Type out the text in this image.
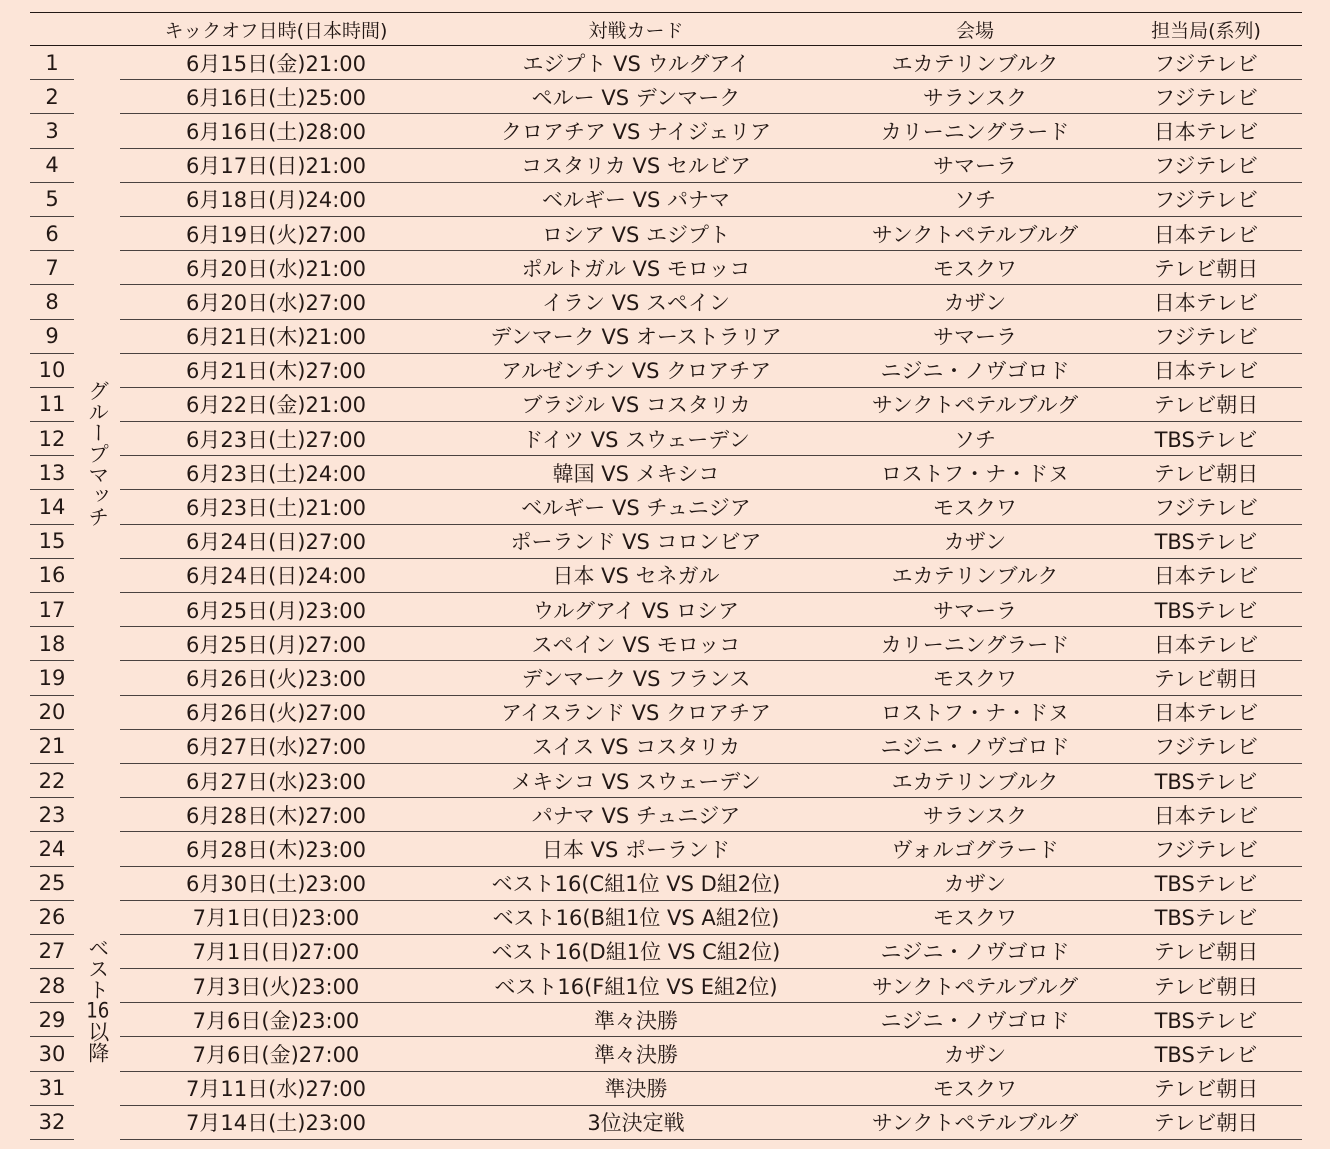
		キックオフ日時(日本時間)	対戦カード	会場	担当局(系列)
1	グループマッチ	6月15日(金)21:00	エジプト VS ウルグアイ	エカテリンブルク	フジテレビ
2		6月16日(土)25:00	ペルー VS デンマーク	サランスク	フジテレビ
3		6月16日(土)28:00	クロアチア VS ナイジェリア	カリーニングラード	日本テレビ
4		6月17日(日)21:00	コスタリカ VS セルビア	サマーラ	フジテレビ
5		6月18日(月)24:00	ベルギー VS パナマ	ソチ	フジテレビ
6		6月19日(火)27:00	ロシア VS エジプト	サンクトペテルブルグ	日本テレビ
7		6月20日(水)21:00	ポルトガル VS モロッコ	モスクワ	テレビ朝日
8		6月20日(水)27:00	イラン VS スペイン	カザン	日本テレビ
9		6月21日(木)21:00	デンマーク VS オーストラリア	サマーラ	フジテレビ
10		6月21日(木)27:00	アルゼンチン VS クロアチア	ニジニ・ノヴゴロド	日本テレビ
11		6月22日(金)21:00	ブラジル VS コスタリカ	サンクトペテルブルグ	テレビ朝日
12		6月23日(土)27:00	ドイツ VS スウェーデン	ソチ	TBSテレビ
13		6月23日(土)24:00	韓国 VS メキシコ	ロストフ・ナ・ドヌ	テレビ朝日
14		6月23日(土)21:00	ベルギー VS チュニジア	モスクワ	フジテレビ
15		6月24日(日)27:00	ポーランド VS コロンビア	カザン	TBSテレビ
16		6月24日(日)24:00	日本 VS セネガル	エカテリンブルク	日本テレビ
17		6月25日(月)23:00	ウルグアイ VS ロシア	サマーラ	TBSテレビ
18		6月25日(月)27:00	スペイン VS モロッコ	カリーニングラード	日本テレビ
19		6月26日(火)23:00	デンマーク VS フランス	モスクワ	テレビ朝日
20		6月26日(火)27:00	アイスランド VS クロアチア	ロストフ・ナ・ドヌ	日本テレビ
21		6月27日(水)27:00	スイス VS コスタリカ	ニジニ・ノヴゴロド	フジテレビ
22		6月27日(水)23:00	メキシコ VS スウェーデン	エカテリンブルク	TBSテレビ
23		6月28日(木)27:00	パナマ VS チュニジア	サランスク	日本テレビ
24		6月28日(木)23:00	日本 VS ポーランド	ヴォルゴグラード	フジテレビ
25	ベスト16以降	6月30日(土)23:00	ベスト16(C組1位 VS D組2位)	カザン	TBSテレビ
26		7月1日(日)23:00	ベスト16(B組1位 VS A組2位)	モスクワ	TBSテレビ
27		7月1日(日)27:00	ベスト16(D組1位 VS C組2位)	ニジニ・ノヴゴロド	テレビ朝日
28		7月3日(火)23:00	ベスト16(F組1位 VS E組2位)	サンクトペテルブルグ	テレビ朝日
29		7月6日(金)23:00	準々決勝	ニジニ・ノヴゴロド	TBSテレビ
30		7月6日(金)27:00	準々決勝	カザン	TBSテレビ
31		7月11日(水)27:00	準決勝	モスクワ	テレビ朝日
32		7月14日(土)23:00	3位決定戦	サンクトペテルブルグ	テレビ朝日
